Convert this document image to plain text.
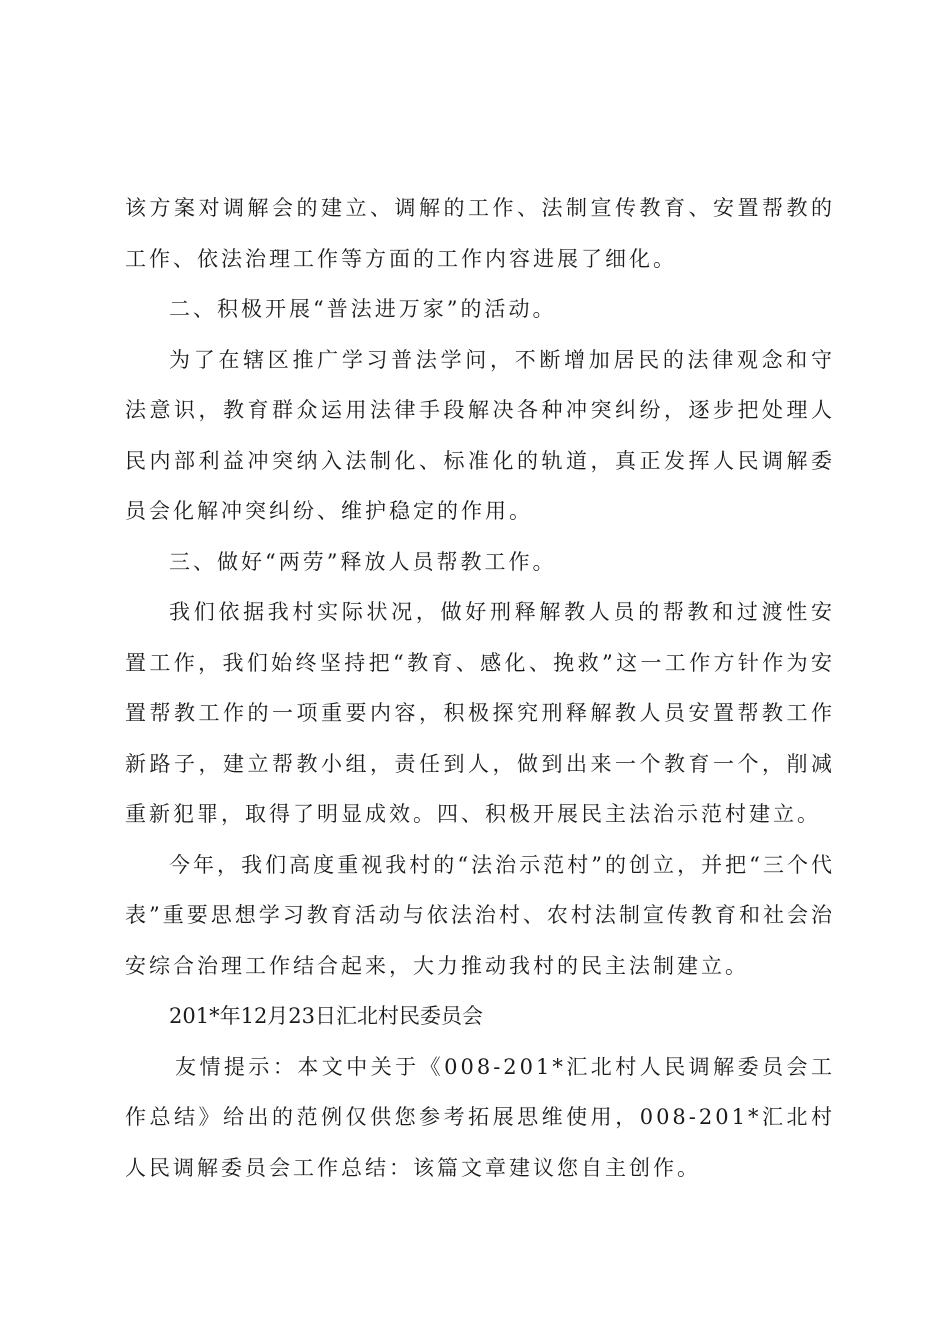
该方案对调解会的建立、调解的工作、法制宣传教育、安置帮教的工作、依法治理工作等方面的工作内容进展了细化。

二、积极开展“普法进万家”的活动。

为了在辖区推广学习普法学问，不断增加居民的法律观念和守法意识，教育群众运用法律手段解决各种冲突纠纷，逐步把处理人民内部利益冲突纳入法制化、标准化的轨道，真正发挥人民调解委员会化解冲突纠纷、维护稳定的作用。

三、做好“两劳”释放人员帮教工作。

我们依据我村实际状况，做好刑释解教人员的帮教和过渡性安置工作，我们始终坚持把“教育、感化、挽救”这一工作方针作为安置帮教工作的一项重要内容，积极探究刑释解教人员安置帮教工作新路子，建立帮教小组，责任到人，做到出来一个教育一个，削减重新犯罪，取得了明显成效。四、积极开展民主法治示范村建立。

今年，我们高度重视我村的“法治示范村”的创立，并把“三个代表”重要思想学习教育活动与依法治村、农村法制宣传教育和社会治安综合治理工作结合起来，大力推动我村的民主法制建立。

201*年12月23日汇北村民委员会

友情提示：本文中关于《008-201*汇北村人民调解委员会工作总结》给出的范例仅供您参考拓展思维使用，008-201*汇北村人民调解委员会工作总结：该篇文章建议您自主创作。
